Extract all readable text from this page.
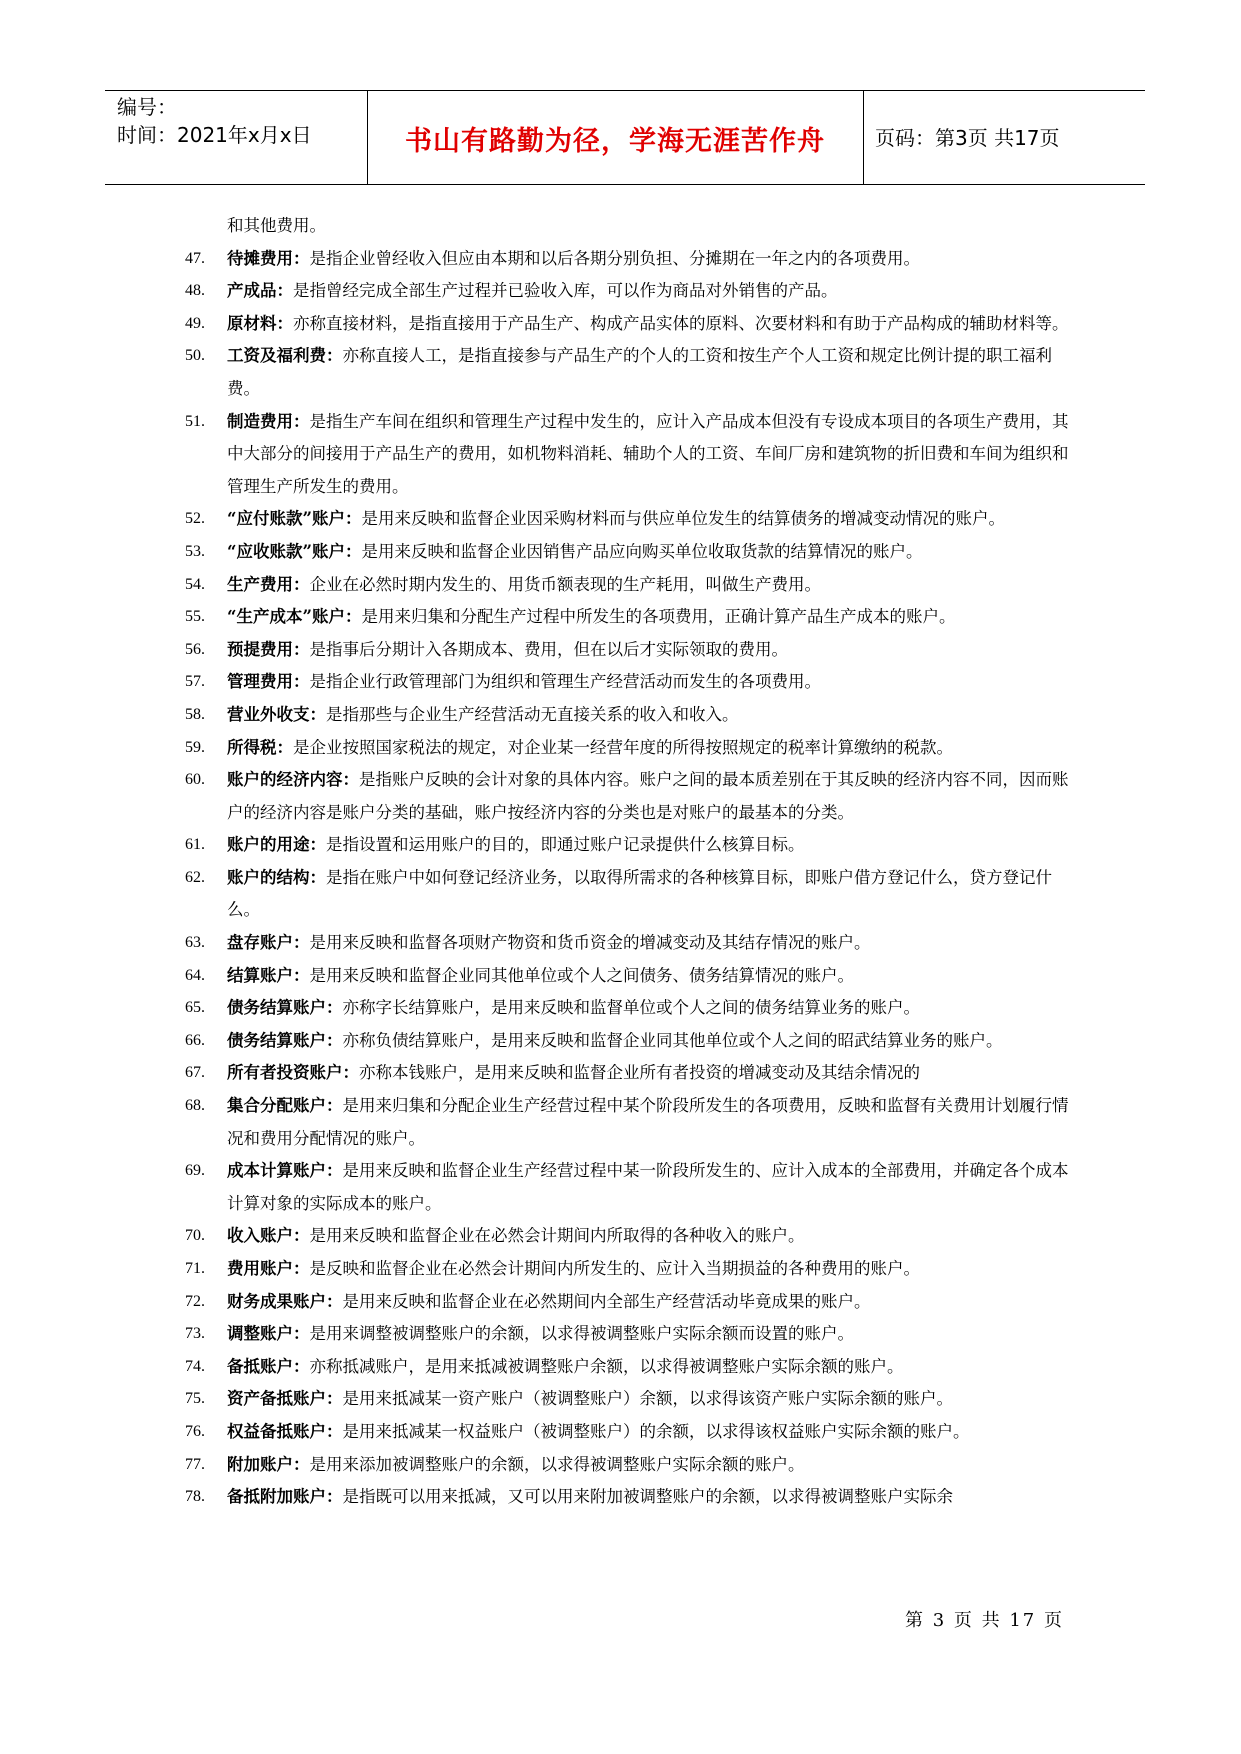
编号：
时间：2021年x月x日	书山有路勤为径，学海无涯苦作舟	页码：第3页 共17页
和其他费用。
47.	待摊费用：是指企业曾经收入但应由本期和以后各期分别负担、分摊期在一年之内的各项费用。
48.	产成品：是指曾经完成全部生产过程并已验收入库，可以作为商品对外销售的产品。
49.	原材料：亦称直接材料，是指直接用于产品生产、构成产品实体的原料、次要材料和有助于产品构成的辅助材料等。
50.	工资及福利费：亦称直接人工，是指直接参与产品生产的个人的工资和按生产个人工资和规定比例计提的职工福利费。
51.	制造费用：是指生产车间在组织和管理生产过程中发生的，应计入产品成本但没有专设成本项目的各项生产费用，其中大部分的间接用于产品生产的费用，如机物料消耗、辅助个人的工资、车间厂房和建筑物的折旧费和车间为组织和管理生产所发生的费用。
52.	“应付账款”账户：是用来反映和监督企业因采购材料而与供应单位发生的结算债务的增减变动情况的账户。
53.	“应收账款”账户：是用来反映和监督企业因销售产品应向购买单位收取货款的结算情况的账户。
54.	生产费用：企业在必然时期内发生的、用货币额表现的生产耗用，叫做生产费用。
55.	“生产成本”账户：是用来归集和分配生产过程中所发生的各项费用，正确计算产品生产成本的账户。
56.	预提费用：是指事后分期计入各期成本、费用，但在以后才实际领取的费用。
57.	管理费用：是指企业行政管理部门为组织和管理生产经营活动而发生的各项费用。
58.	营业外收支：是指那些与企业生产经营活动无直接关系的收入和收入。
59.	所得税：是企业按照国家税法的规定，对企业某一经营年度的所得按照规定的税率计算缴纳的税款。
60.	账户的经济内容：是指账户反映的会计对象的具体内容。账户之间的最本质差别在于其反映的经济内容不同，因而账户的经济内容是账户分类的基础，账户按经济内容的分类也是对账户的最基本的分类。
61.	账户的用途：是指设置和运用账户的目的，即通过账户记录提供什么核算目标。
62.	账户的结构：是指在账户中如何登记经济业务，以取得所需求的各种核算目标，即账户借方登记什么，贷方登记什么。
63.	盘存账户：是用来反映和监督各项财产物资和货币资金的增减变动及其结存情况的账户。
64.	结算账户：是用来反映和监督企业同其他单位或个人之间债务、债务结算情况的账户。
65.	债务结算账户：亦称字长结算账户，是用来反映和监督单位或个人之间的债务结算业务的账户。
66.	债务结算账户：亦称负债结算账户，是用来反映和监督企业同其他单位或个人之间的昭武结算业务的账户。
67.	所有者投资账户：亦称本钱账户，是用来反映和监督企业所有者投资的增减变动及其结余情况的
68.	集合分配账户：是用来归集和分配企业生产经营过程中某个阶段所发生的各项费用，反映和监督有关费用计划履行情况和费用分配情况的账户。
69.	成本计算账户：是用来反映和监督企业生产经营过程中某一阶段所发生的、应计入成本的全部费用，并确定各个成本计算对象的实际成本的账户。
70.	收入账户：是用来反映和监督企业在必然会计期间内所取得的各种收入的账户。
71.	费用账户：是反映和监督企业在必然会计期间内所发生的、应计入当期损益的各种费用的账户。
72.	财务成果账户：是用来反映和监督企业在必然期间内全部生产经营活动毕竟成果的账户。
73.	调整账户：是用来调整被调整账户的余额，以求得被调整账户实际余额而设置的账户。
74.	备抵账户：亦称抵减账户，是用来抵减被调整账户余额，以求得被调整账户实际余额的账户。
75.	资产备抵账户：是用来抵减某一资产账户（被调整账户）余额，以求得该资产账户实际余额的账户。
76.	权益备抵账户：是用来抵减某一权益账户（被调整账户）的余额，以求得该权益账户实际余额的账户。
77.	附加账户：是用来添加被调整账户的余额，以求得被调整账户实际余额的账户。
78.	备抵附加账户：是指既可以用来抵减，又可以用来附加被调整账户的余额，以求得被调整账户实际余
第 3 页 共 17 页
